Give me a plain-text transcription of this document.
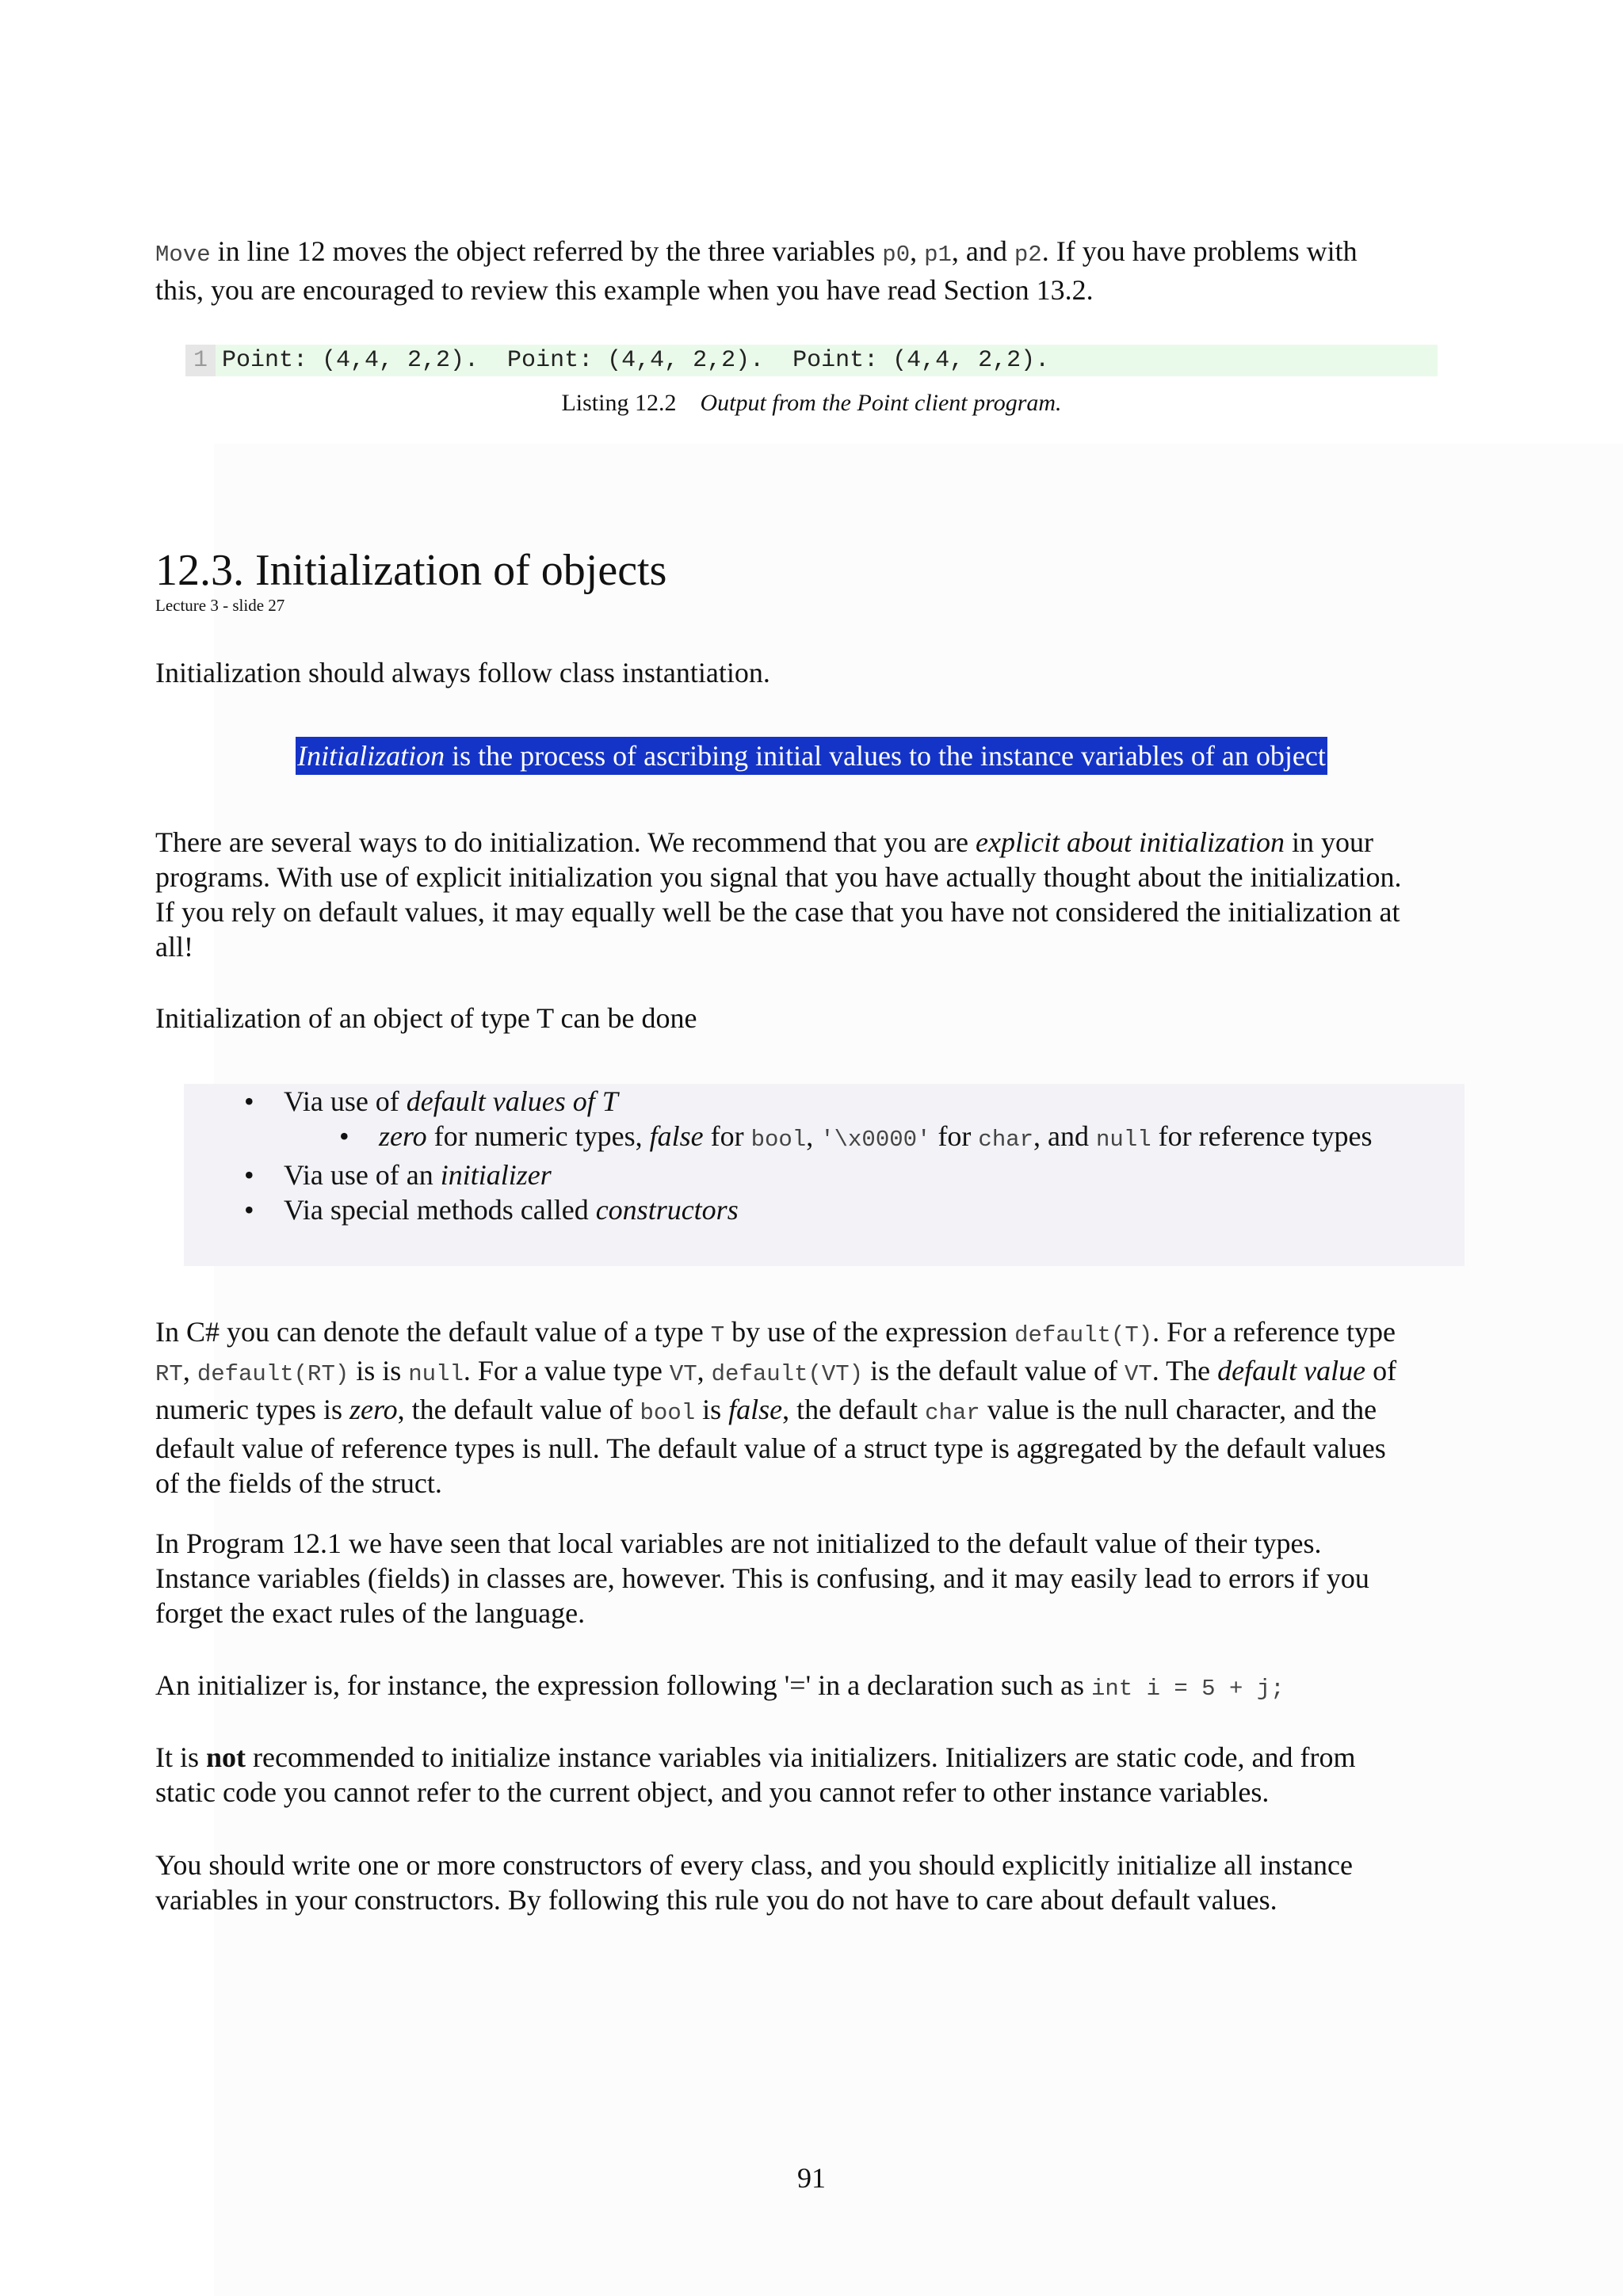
Move in line 12 moves the object referred by the three variables p0, p1, and p2. If you have problems with
this, you are encouraged to review this example when you have read Section 13.2.

1 Point: (4,4, 2,2).  Point: (4,4, 2,2).  Point: (4,4, 2,2).
Listing 12.2 Output from the Point client program.
12.3. Initialization of objects
Lecture 3 - slide 27

Initialization should always follow class instantiation.

Initialization is the process of ascribing initial values to the instance variables of an object

There are several ways to do initialization. We recommend that you are explicit about initialization in your
programs. With use of explicit initialization you signal that you have actually thought about the initialization.
If you rely on default values, it may equally well be the case that you have not considered the initialization at
all!

Initialization of an object of type T can be done

• Via use of default values of T
• zero for numeric types, false for bool, '\x0000' for char, and null for reference types
• Via use of an initializer
• Via special methods called constructors

In C# you can denote the default value of a type T by use of the expression default(T). For a reference type
RT, default(RT) is is null. For a value type VT, default(VT) is the default value of VT. The default value of
numeric types is zero, the default value of bool is false, the default char value is the null character, and the
default value of reference types is null. The default value of a struct type is aggregated by the default values
of the fields of the struct.

In Program 12.1 we have seen that local variables are not initialized to the default value of their types.
Instance variables (fields) in classes are, however. This is confusing, and it may easily lead to errors if you
forget the exact rules of the language.

An initializer is, for instance, the expression following '=' in a declaration such as int i = 5 + j;

It is not recommended to initialize instance variables via initializers. Initializers are static code, and from
static code you cannot refer to the current object, and you cannot refer to other instance variables.

You should write one or more constructors of every class, and you should explicitly initialize all instance
variables in your constructors. By following this rule you do not have to care about default values.

91
